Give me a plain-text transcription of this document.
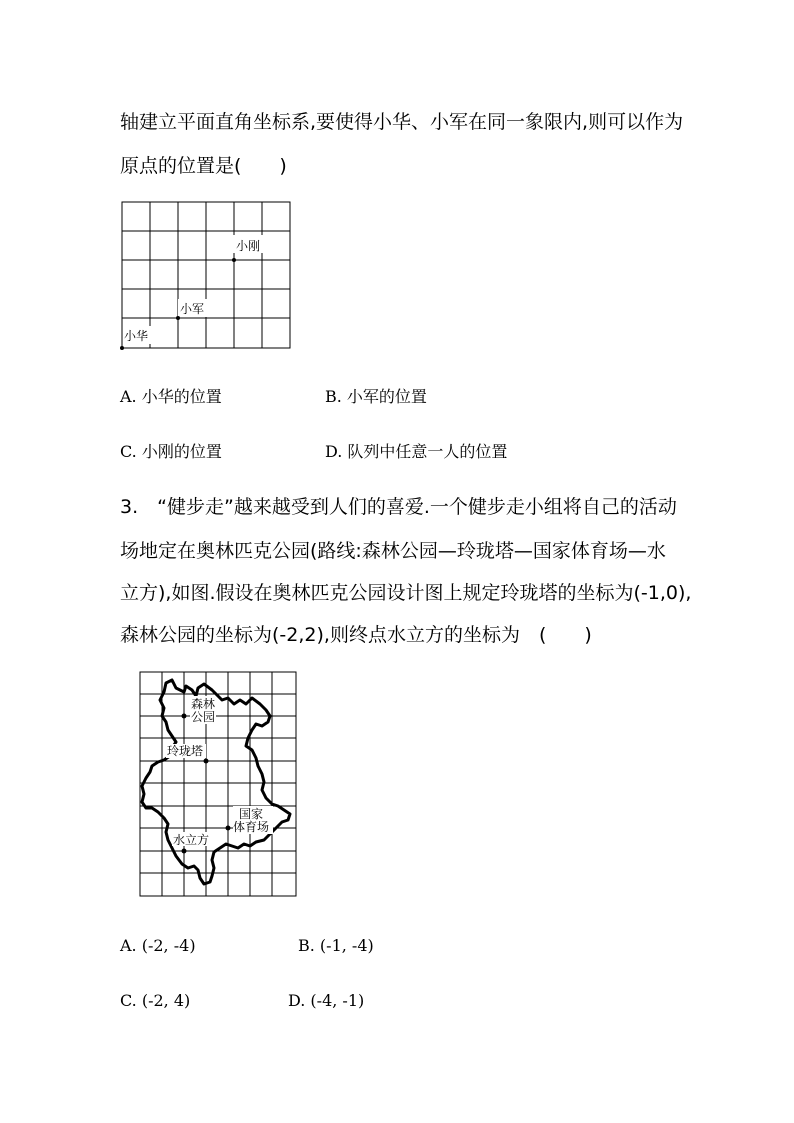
轴建立平面直角坐标系,要使得小华、小军在同一象限内,则可以作为
原点的位置是(　　)
小刚
小军
小华
A. 小华的位置	B. 小军的位置
C. 小刚的位置	D. 队列中任意一人的位置
3.　“健步走”越来越受到人们的喜爱.一个健步走小组将自己的活动
场地定在奥林匹克公园(路线:森林公园—玲珑塔—国家体育场—水
立方),如图.假设在奥林匹克公园设计图上规定玲珑塔的坐标为(-1,0),
森林公园的坐标为(-2,2),则终点水立方的坐标为　(　　)
森林
公园
玲珑塔
国家
体育场
水立方
A. (-2, -4)	B. (-1, -4)
C. (-2, 4)	D. (-4, -1)
